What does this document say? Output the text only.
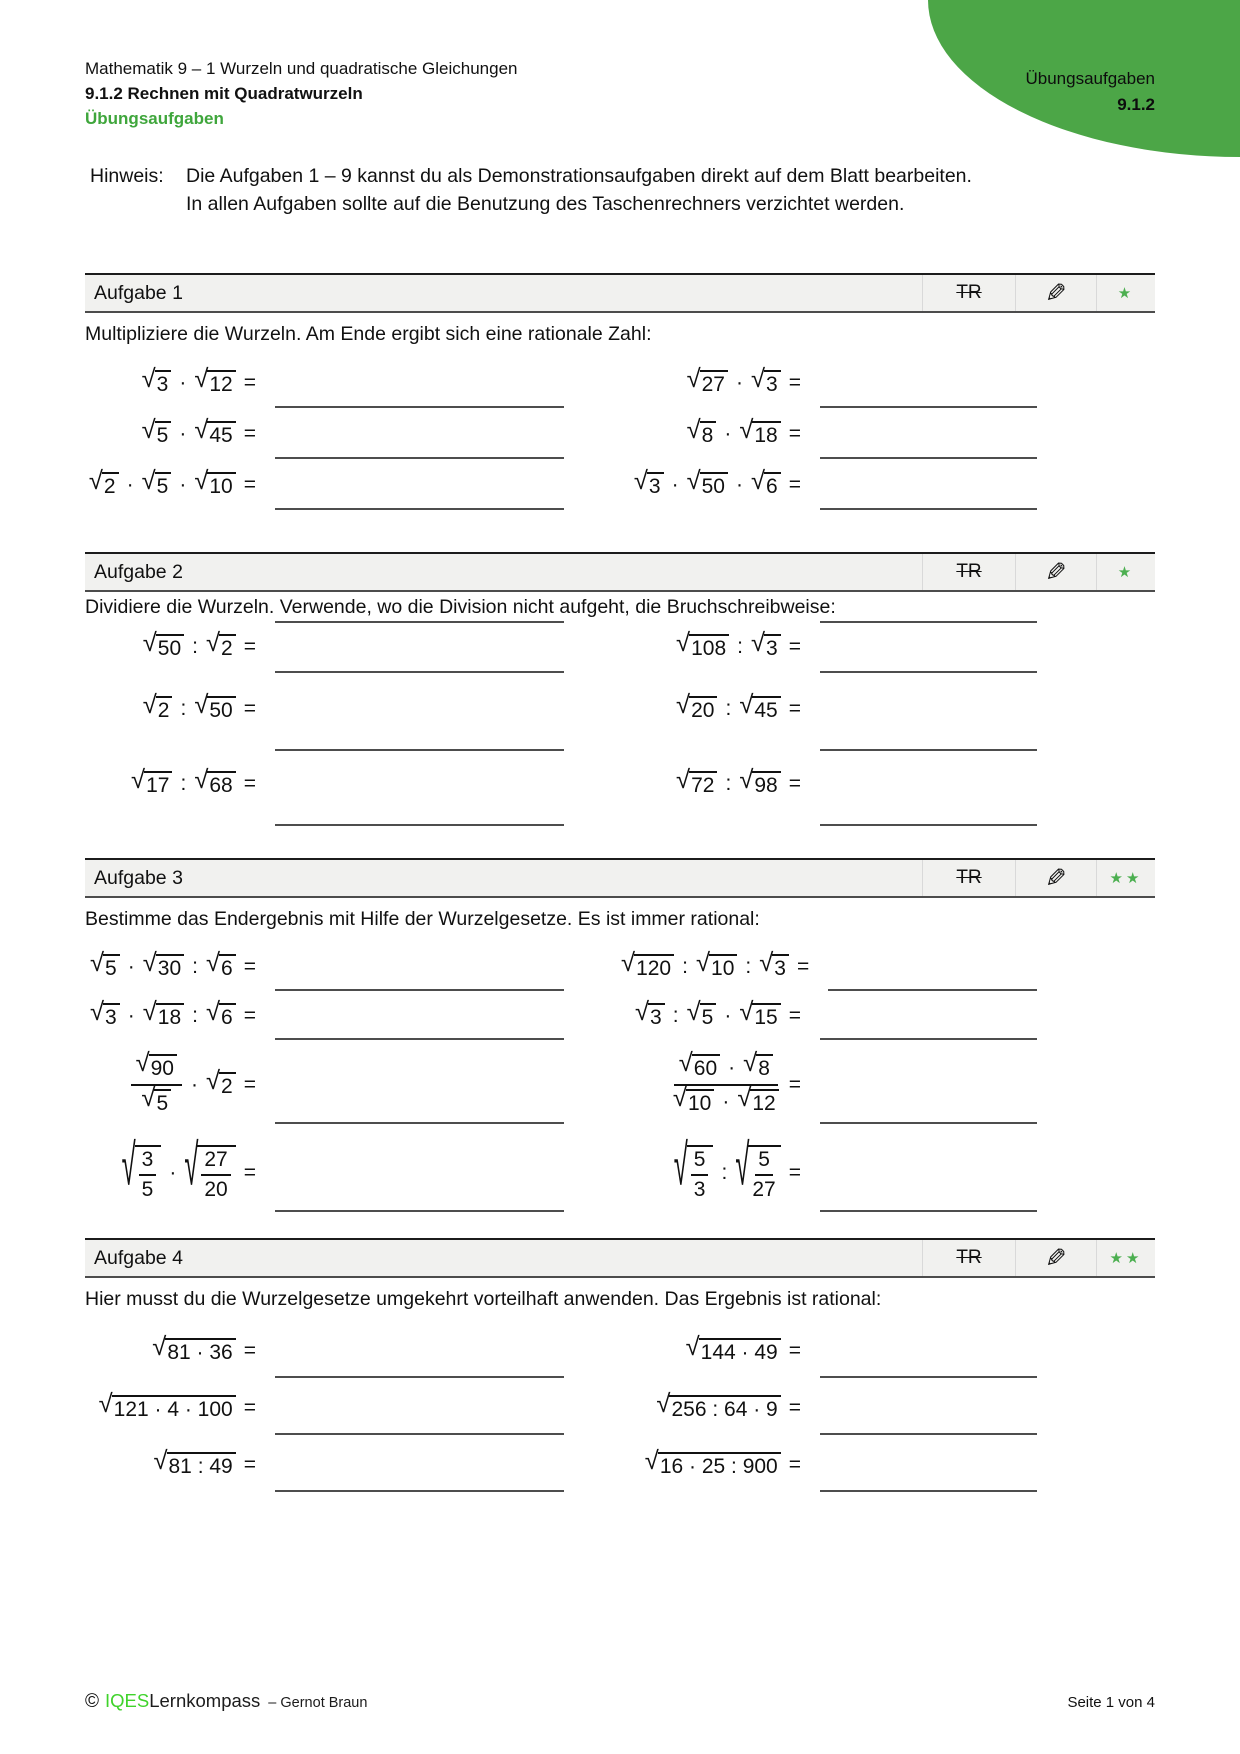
Übungsaufgaben
9.1.2
Mathematik 9 – 1 Wurzeln und quadratische Gleichungen
9.1.2 Rechnen mit Quadratwurzeln
Übungsaufgaben
Hinweis:	Die Aufgaben 1 – 9 kannst du als Demonstrationsaufgaben direkt auf dem Blatt bearbeiten.
In allen Aufgaben sollte auf die Benutzung des Taschenrechners verzichtet werden.
Aufgabe 1	TR ✎	★
Multipliziere die Wurzeln. Am Ende ergibt sich eine rationale Zahl:
√ 3 · √ 12 =	√ 27 · √ 3 =
√ 5 · √ 45 =	√ 8 · √ 18 =
√ 2 · √ 5 · √ 10 =	√ 3 · √ 50 · √ 6 =
Aufgabe 2	TR ✎	★
Dividiere die Wurzeln. Verwende, wo die Division nicht aufgeht, die Bruchschreibweise:
√ 50 : √ 2 =	√ 108 : √ 3 =
√ 2 : √ 50 =	√ 20 : √ 45 =
√ 17 : √ 68 =	√ 72 : √ 98 =
Aufgabe 3	TR ✎	★★
Bestimme das Endergebnis mit Hilfe der Wurzelgesetze. Es ist immer rational:
√ 5 · √ 30 : √ 6 =	√ 120 : √ 10 : √ 3 =
√ 3 · √ 18 : √ 6 =	√ 3 : √ 5 · √ 15 =
$\frac{√ 90}{√ 5}$ · √ 2 =	$\frac{√ 60 \cdot √ 8}{√ 10 \cdot √ 12}$ =
√ $\frac{3}{5}$ · √ $\frac{27}{20}$ =	√ $\frac{5}{3}$ : √ $\frac{5}{27}$ =
Aufgabe 4	TR ✎	★★
Hier musst du die Wurzelgesetze umgekehrt vorteilhaft anwenden. Das Ergebnis ist rational:
√ 81 · 36 =	√ 144 · 49 =
√ 121 · 4 · 100 =	√ 256 : 64 · 9 =
√ 81 : 49 =	√ 16 · 25 : 900 =
© IQES Lernkompass – Gernot Braun	Seite 1 von 4
